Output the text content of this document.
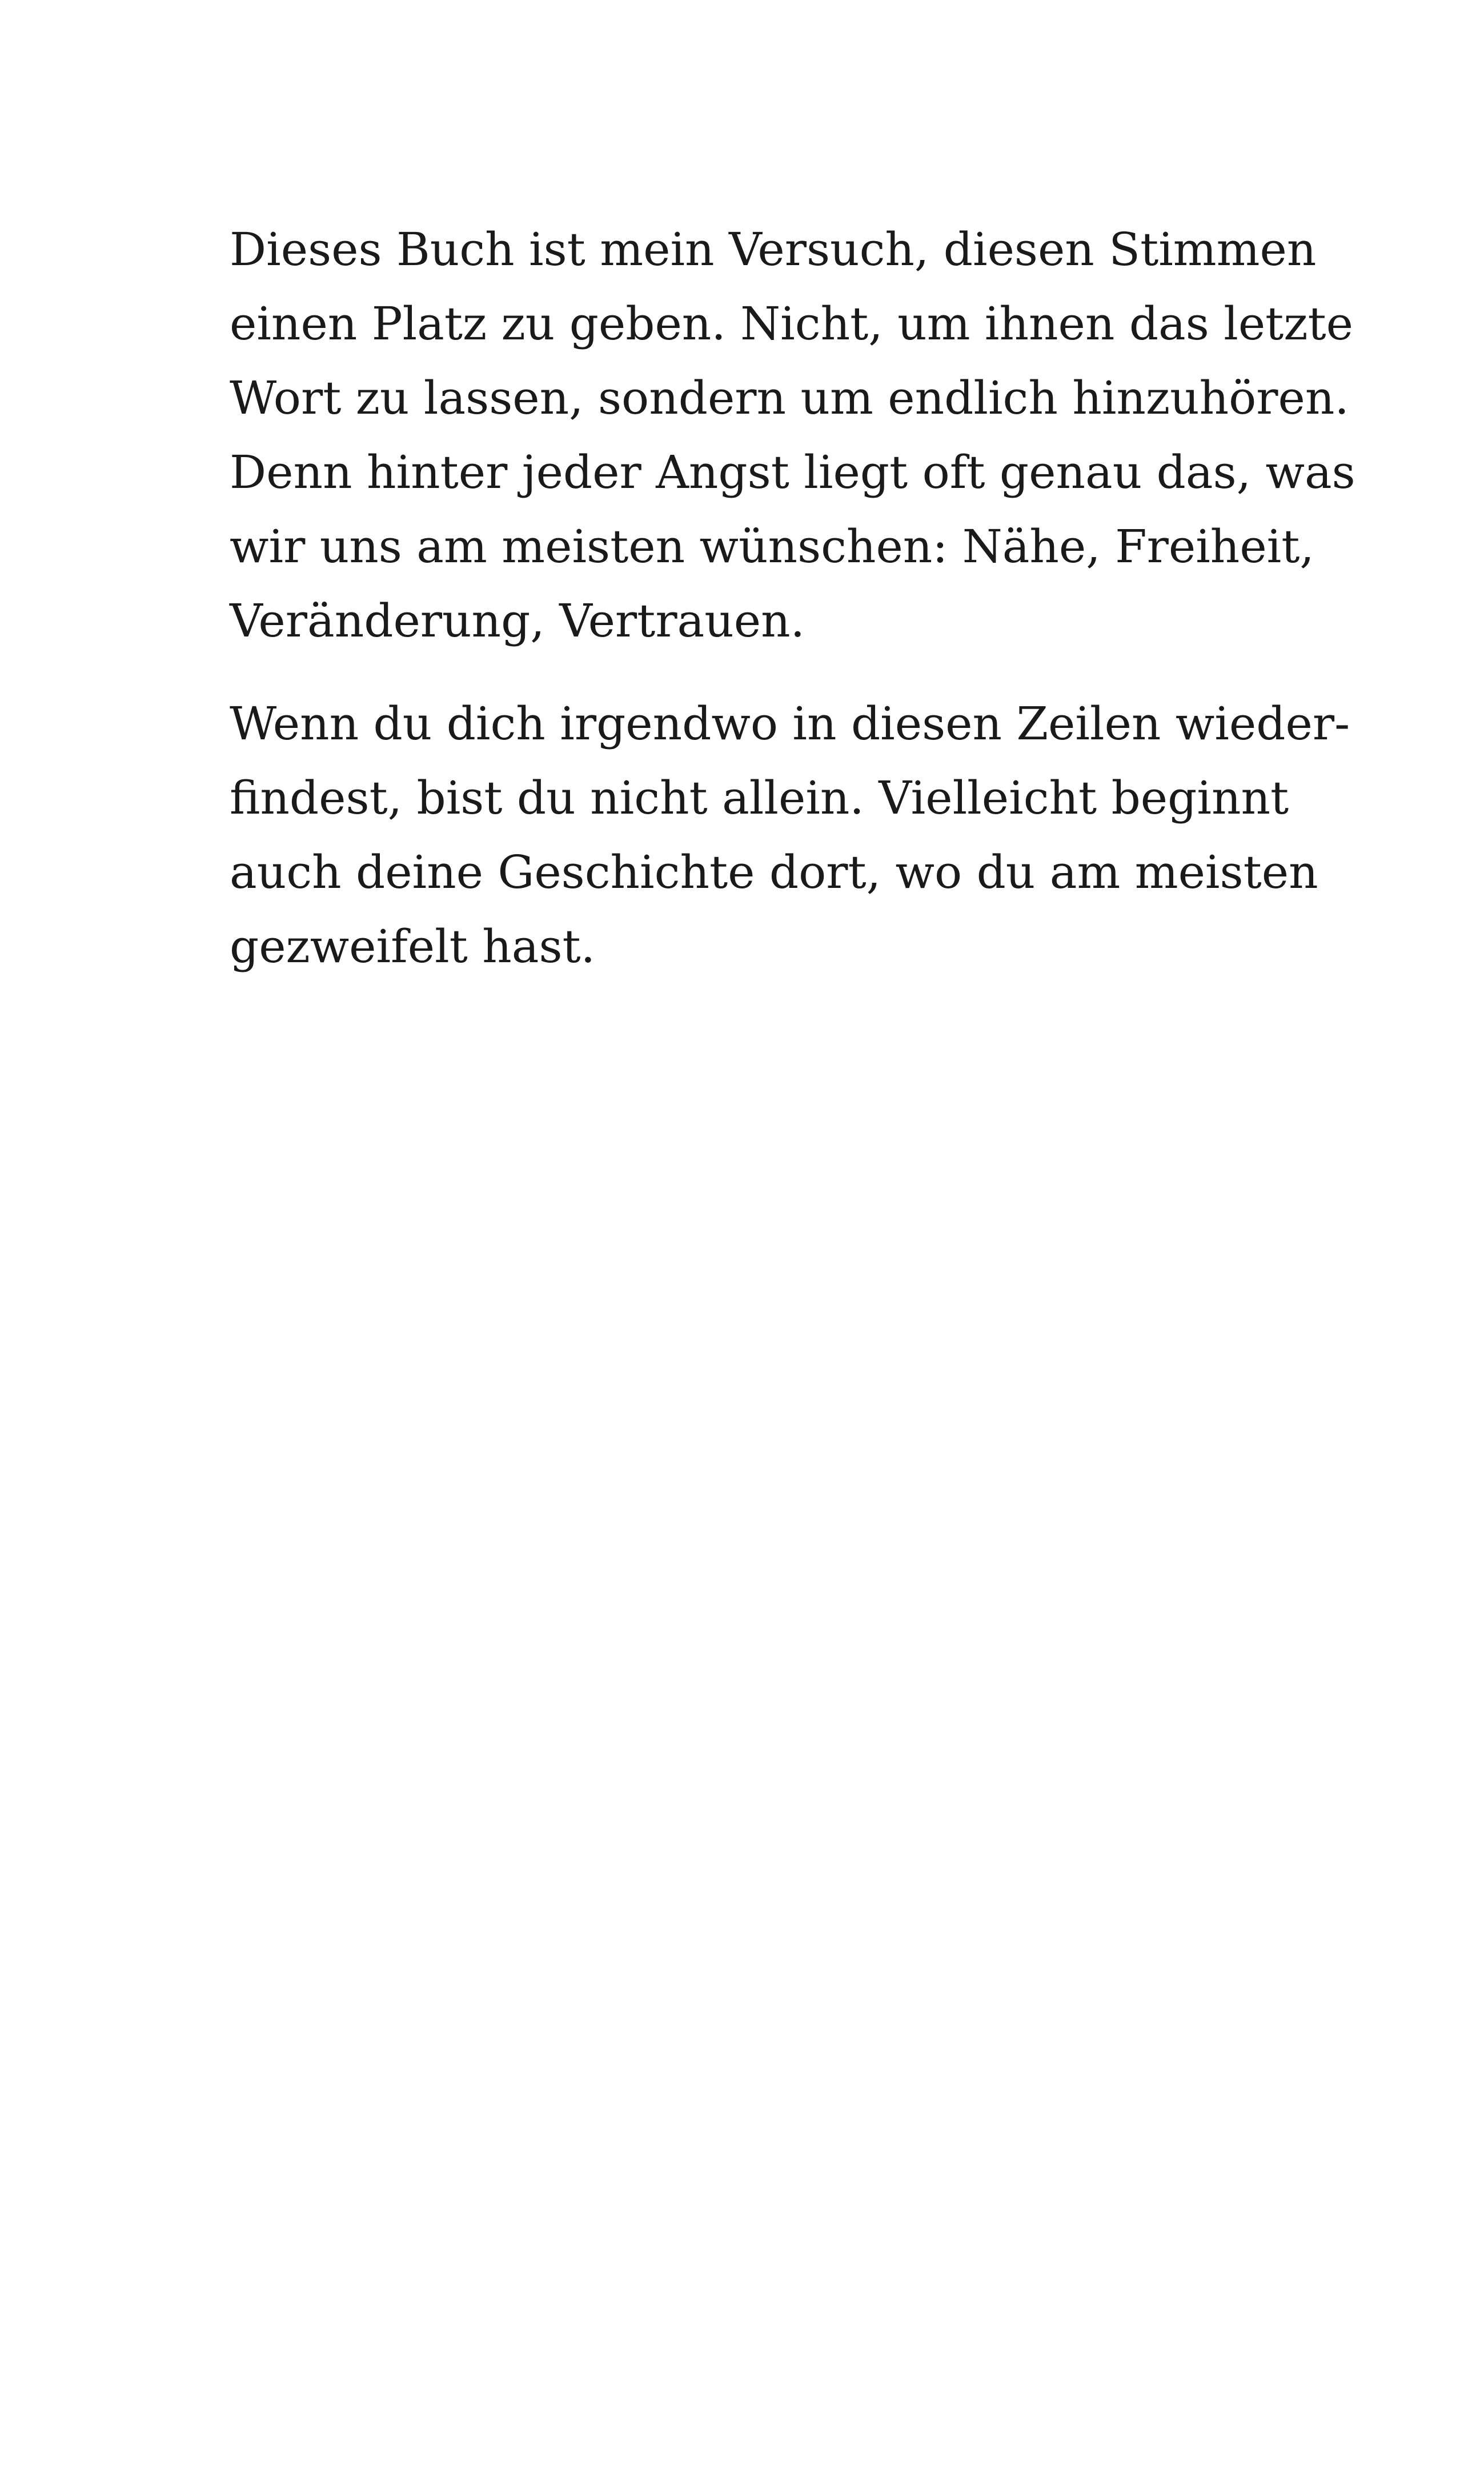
Dieses Buch ist mein Versuch, diesen Stimmen
einen Platz zu geben. Nicht, um ihnen das letzte
Wort zu lassen, sondern um endlich hinzuhören.
Denn hinter jeder Angst liegt oft genau das, was
wir uns am meisten wünschen: Nähe, Freiheit,
Veränderung, Vertrauen.

Wenn du dich irgendwo in diesen Zeilen wieder-
findest, bist du nicht allein. Vielleicht beginnt
auch deine Geschichte dort, wo du am meisten
gezweifelt hast.
